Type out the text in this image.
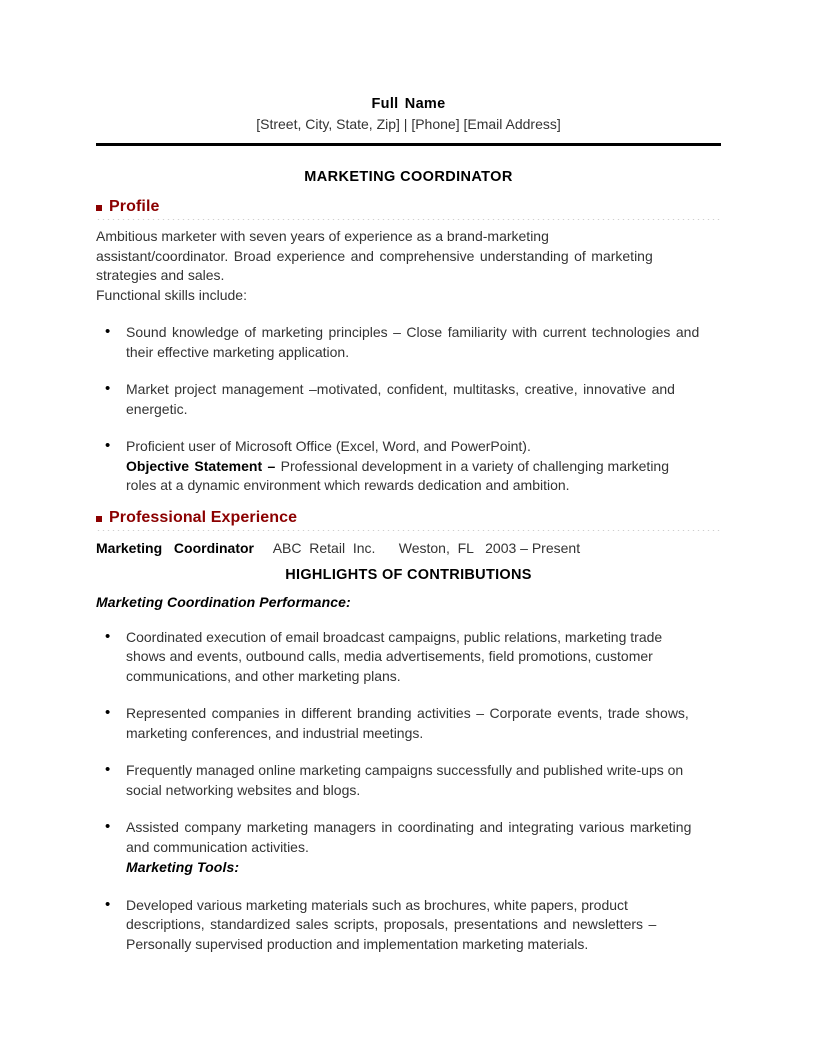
Full Name
[Street, City, State, Zip] | [Phone] [Email Address]
MARKETING COORDINATOR
Profile
Ambitious marketer with seven years of experience as a brand-marketing
assistant/coordinator. Broad experience and comprehensive understanding of marketing
strategies and sales.
Functional skills include:
• Sound knowledge of marketing principles – Close familiarity with current technologies and
their effective marketing application.
• Market project management –motivated, confident, multitasks, creative, innovative and
energetic.
• Proficient user of Microsoft Office (Excel, Word, and PowerPoint).
Objective Statement – Professional development in a variety of challenging marketing
roles at a dynamic environment which rewards dedication and ambition.
Professional Experience
Marketing  Coordinator ABC  Retail  Inc. Weston,  FL 2003 – Present
HIGHLIGHTS OF CONTRIBUTIONS
Marketing Coordination Performance:
• Coordinated execution of email broadcast campaigns, public relations, marketing trade
shows and events, outbound calls, media advertisements, field promotions, customer
communications, and other marketing plans.
• Represented companies in different branding activities – Corporate events, trade shows,
marketing conferences, and industrial meetings.
• Frequently managed online marketing campaigns successfully and published write-ups on
social networking websites and blogs.
• Assisted company marketing managers in coordinating and integrating various marketing
and communication activities.
Marketing Tools:
• Developed various marketing materials such as brochures, white papers, product
descriptions, standardized sales scripts, proposals, presentations and newsletters –
Personally supervised production and implementation marketing materials.
